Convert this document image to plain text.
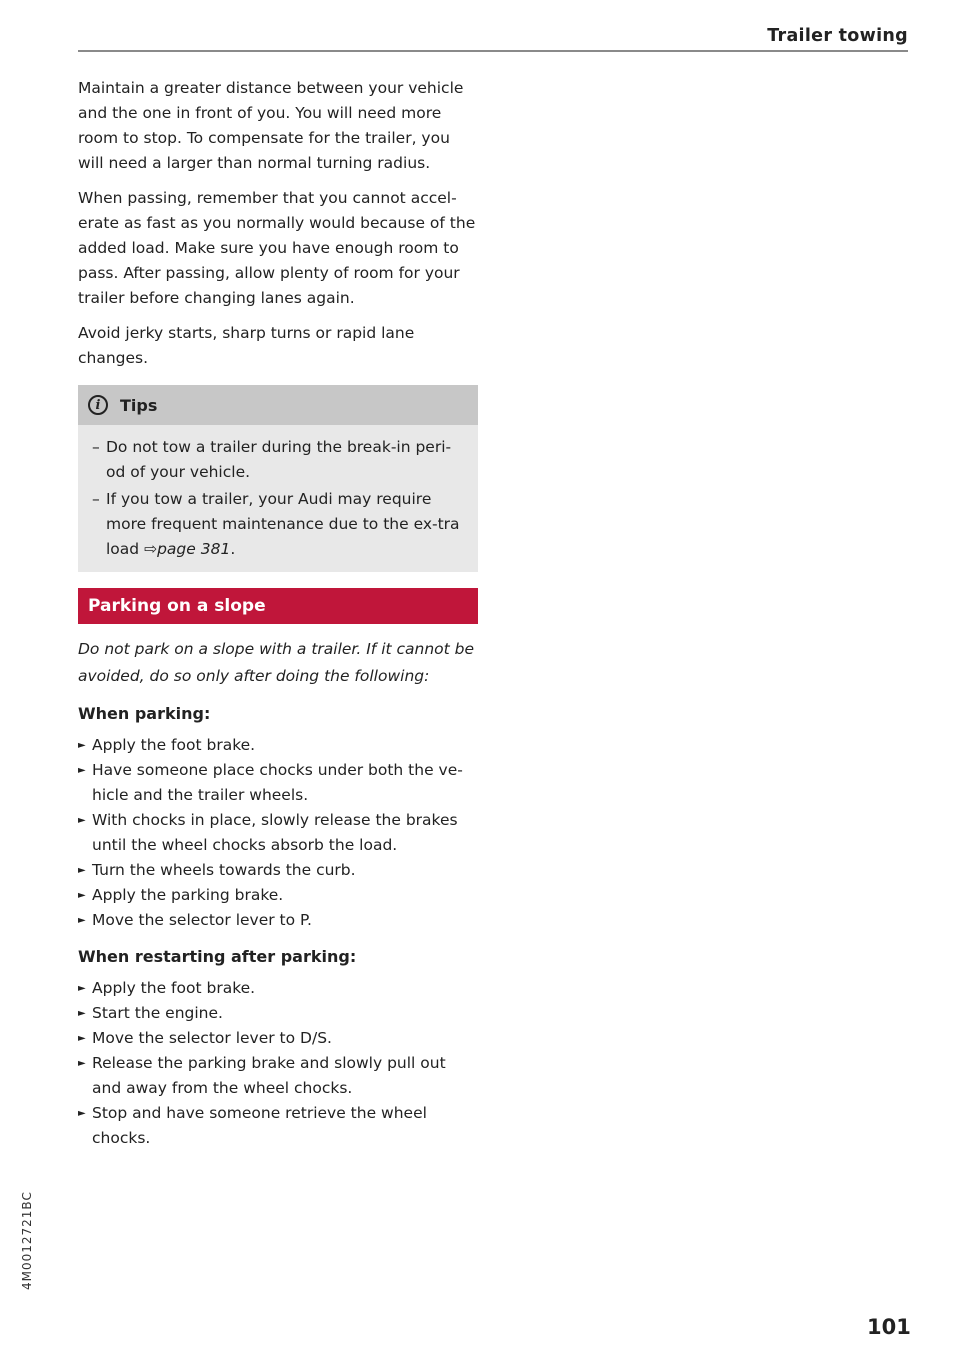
Trailer towing

Maintain a greater distance between your vehicle and the one in front of you. You will need more room to stop. To compensate for the trailer, you will need a larger than normal turning radius.

When passing, remember that you cannot accel-erate as fast as you normally would because of the added load. Make sure you have enough room to pass. After passing, allow plenty of room for your trailer before changing lanes again.

Avoid jerky starts, sharp turns or rapid lane changes.

i	Tips
– Do not tow a trailer during the break-in peri-od of your vehicle.
– If you tow a trailer, your Audi may require more frequent maintenance due to the ex-tra load ⇨page 381.
Parking on a slope

Do not park on a slope with a trailer. If it cannot be avoided, do so only after doing the following:

When parking:
► Apply the foot brake.
► Have someone place chocks under both the ve-hicle and the trailer wheels.
► With chocks in place, slowly release the brakes until the wheel chocks absorb the load.
► Turn the wheels towards the curb.
► Apply the parking brake.
► Move the selector lever to P.
When restarting after parking:
► Apply the foot brake.
► Start the engine.
► Move the selector lever to D/S.
► Release the parking brake and slowly pull out and away from the wheel chocks.
► Stop and have someone retrieve the wheel chocks.
4M0012721BC
101
